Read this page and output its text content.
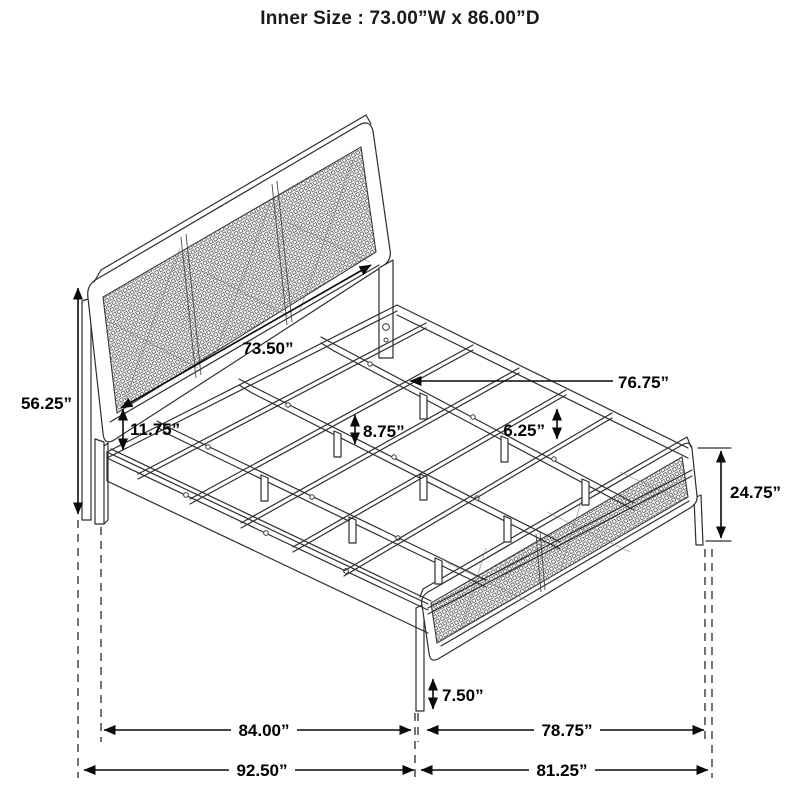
Inner Size : 73.00”W x 86.00”D
73.50”
11.75”	8.75”	6.25”
76.75”
56.25”
24.75”
7.50”
84.00”	78.75”
92.50”	81.25”
